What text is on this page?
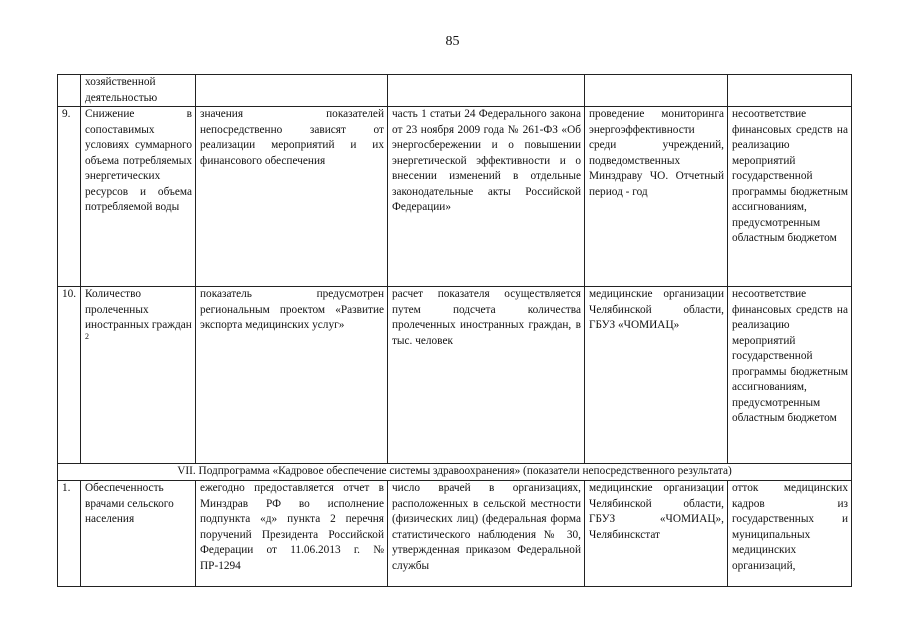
85
	хозяйственной деятельностью				
9.	Снижение в сопоставимых условиях суммарного объема потребляемых энергетических ресурсов и объема потребляемой воды	значения показателей непосредственно зависят от реализации мероприятий и их финансового обеспечения	часть 1 статьи 24 Федерального закона от 23 ноября 2009 года № 261-ФЗ «Об энергосбережении и о повышении энергетической эффективности и о внесении изменений в отдельные законодательные акты Российской Федерации»	проведение мониторинга энергоэффективности среди учреждений, подведомственных Минздраву ЧО. Отчетный период - год	несоответствие финансовых средств на реализацию мероприятий государственной программы бюджетным ассигнованиям, предусмотренным областным бюджетом
10.	Количество пролеченных иностранных граждан $^2$	показатель предусмотрен региональным проектом «Развитие экспорта медицинских услуг»	расчет показателя осуществляется путем подсчета количества пролеченных иностранных граждан, в тыс. человек	медицинские организации Челябинской области, ГБУЗ «ЧОМИАЦ»	несоответствие финансовых средств на реализацию мероприятий государственной программы бюджетным ассигнованиям, предусмотренным областным бюджетом
VII. Подпрограмма «Кадровое обеспечение системы здравоохранения» (показатели непосредственного результата)					
1.	Обеспеченность врачами сельского населения	ежегодно предоставляется отчет в Минздрав РФ во исполнение подпункта «д» пункта 2 перечня поручений Президента Российской Федерации от 11.06.2013 г. № ПР-1294	число врачей в организациях, расположенных в сельской местности (физических лиц) (федеральная форма статистического наблюдения № 30, утвержденная приказом Федеральной службы	медицинские организации Челябинской области, ГБУЗ «ЧОМИАЦ», Челябинскстат	отток медицинских кадров из государственных и муниципальных медицинских организаций,
